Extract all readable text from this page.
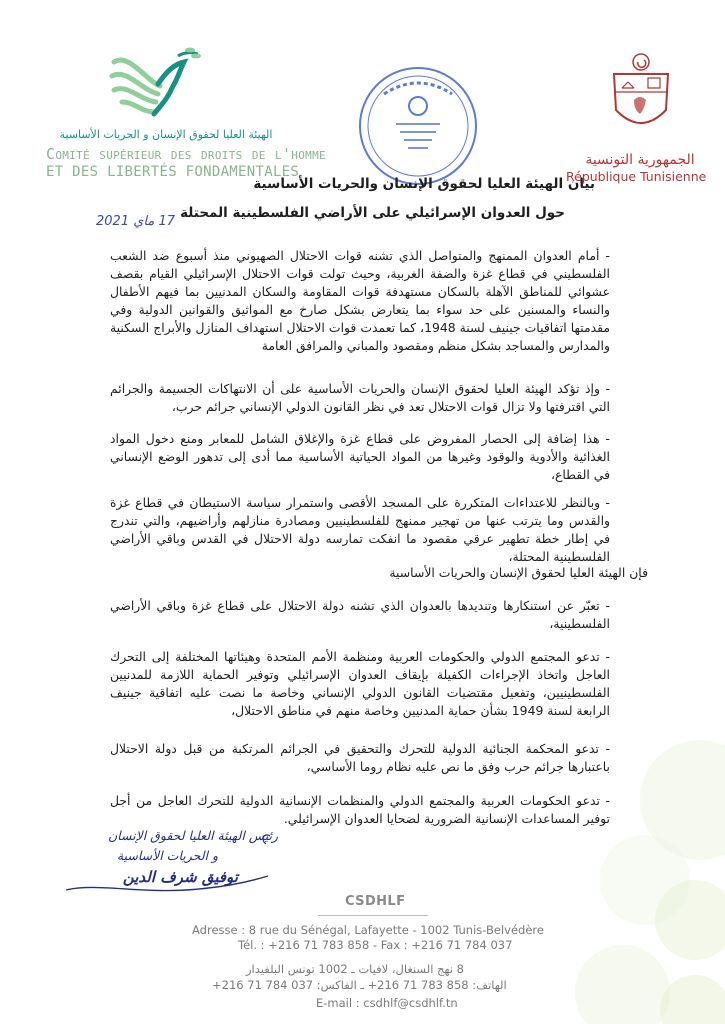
الهيئة العليا لحقوق الإنسان و الحريات الأساسية
Comité supérieur des droits de l'homme
ET DES LIBERTÉS FONDAMENTALES
الجمهورية التونسية
République Tunisienne
بيان الهيئة العليا لحقوق الإنسان والحريات الأساسية
حول العدوان الإسرائيلي على الأراضي الفلسطينية المحتلة
17 ماي 2021
- أمام العدوان الممنهج والمتواصل الذي تشنه قوات الاحتلال الصهيوني منذ أسبوع ضد الشعب الفلسطيني في قطاع غزة والضفة الغربية، وحيث تولت قوات الاحتلال الإسرائيلي القيام بقصف عشوائي للمناطق الآهلة بالسكان مستهدفة قوات المقاومة والسكان المدنيين بما فيهم الأطفال والنساء والمسنين على حد سواء بما يتعارض بشكل صارخ مع المواثيق والقوانين الدولية وفي مقدمتها اتفاقيات جينيف لسنة 1948، كما تعمدت قوات الاحتلال استهداف المنازل والأبراج السكنية والمدارس والمساجد بشكل منظم ومقصود والمباني والمرافق العامة
- وإذ تؤكد الهيئة العليا لحقوق الإنسان والحريات الأساسية على أن الانتهاكات الجسيمة والجرائم التي اقترفتها ولا تزال قوات الاحتلال تعد في نظر القانون الدولي الإنساني جرائم حرب،
- هذا إضافة إلى الحصار المفروض على قطاع غزة والإغلاق الشامل للمعابر ومنع دخول المواد الغذائية والأدوية والوقود وغيرها من المواد الحياتية الأساسية مما أدى إلى تدهور الوضع الإنساني في القطاع،
- وبالنظر للاعتداءات المتكررة على المسجد الأقصى واستمرار سياسة الاستيطان في قطاع غزة والقدس وما يترتب عنها من تهجير ممنهج للفلسطينيين ومصادرة منازلهم وأراضيهم، والتي تندرج في إطار خطة تطهير عرقي مقصود ما انفكت تمارسه دولة الاحتلال في القدس وباقي الأراضي الفلسطينية المحتلة،
فإن الهيئة العليا لحقوق الإنسان والحريات الأساسية
- تعبّر عن استنكارها وتنديدها بالعدوان الذي تشنه دولة الاحتلال على قطاع غزة وباقي الأراضي الفلسطينية،
- تدعو المجتمع الدولي والحكومات العربية ومنظمة الأمم المتحدة وهيئاتها المختلفة إلى التحرك العاجل واتخاذ الإجراءات الكفيلة بإيقاف العدوان الإسرائيلي وتوفير الحماية اللازمة للمدنيين الفلسطينيين، وتفعيل مقتضيات القانون الدولي الإنساني وخاصة ما نصت عليه اتفاقية جينيف الرابعة لسنة 1949 بشأن حماية المدنيين وخاصة منهم في مناطق الاحتلال،
- تدعو المحكمة الجنائية الدولية للتحرك والتحقيق في الجرائم المرتكبة من قبل دولة الاحتلال باعتبارها جرائم حرب وفق ما نص عليه نظام روما الأساسي،
- تدعو الحكومات العربية والمجتمع الدولي والمنظمات الإنسانية الدولية للتحرك العاجل من أجل توفير المساعدات الإنسانية الضرورية لضحايا العدوان الإسرائيلي.
رئيس الهيئة العليا لحقوق الإنسان
و الحريات الأساسية
توفيق شرف الدين
CSDHLF
Adresse : 8 rue du Sénégal, Lafayette - 1002 Tunis-Belvédère
Tél. : +216 71 783 858 - Fax : +216 71 784 037
8 نهج السنغال، لافيات ـ 1002 تونس البلفيدار
الهاتف: 858 783 71 216+ ـ الفاكس: 037 784 71 216+
E-mail : csdhlf@csdhlf.tn
